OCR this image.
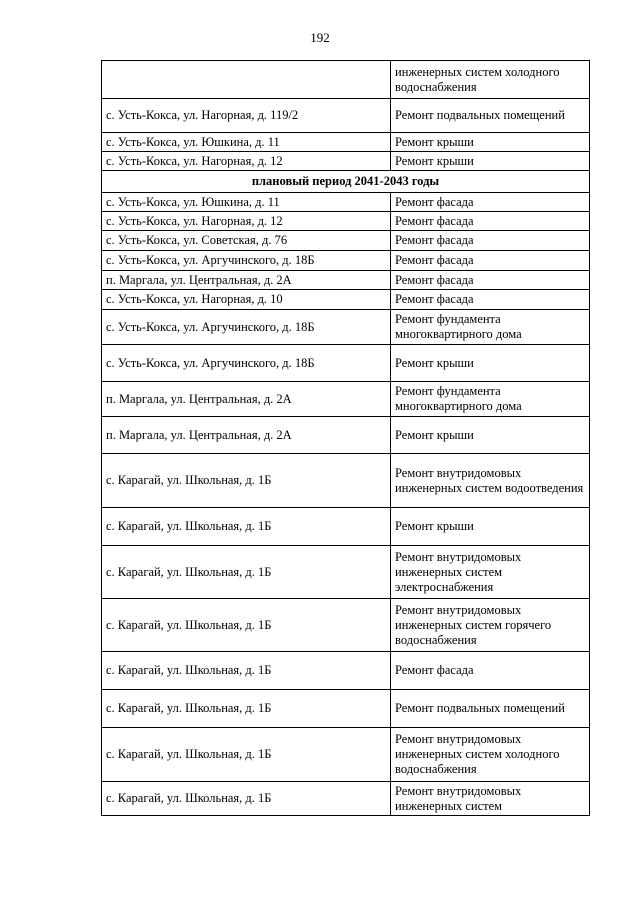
192
	инженерных систем холодного водоснабжения
с. Усть-Кокса, ул. Нагорная, д. 119/2	Ремонт подвальных помещений
с. Усть-Кокса, ул. Юшкина, д. 11	Ремонт крыши
с. Усть-Кокса, ул. Нагорная, д. 12	Ремонт крыши
плановый период 2041-2043 годы	
с. Усть-Кокса, ул. Юшкина, д. 11	Ремонт фасада
с. Усть-Кокса, ул. Нагорная, д. 12	Ремонт фасада
с. Усть-Кокса, ул. Советская, д. 76	Ремонт фасада
с. Усть-Кокса, ул. Аргучинского, д. 18Б	Ремонт фасада
п. Маргала, ул. Центральная, д. 2А	Ремонт фасада
с. Усть-Кокса, ул. Нагорная, д. 10	Ремонт фасада
с. Усть-Кокса, ул. Аргучинского, д. 18Б	Ремонт фундамента многоквартирного дома
с. Усть-Кокса, ул. Аргучинского, д. 18Б	Ремонт крыши
п. Маргала, ул. Центральная, д. 2А	Ремонт фундамента многоквартирного дома
п. Маргала, ул. Центральная, д. 2А	Ремонт крыши
с. Карагай, ул. Школьная, д. 1Б	Ремонт внутридомовых инженерных систем водоотведения
с. Карагай, ул. Школьная, д. 1Б	Ремонт крыши
с. Карагай, ул. Школьная, д. 1Б	Ремонт внутридомовых инженерных систем электроснабжения
с. Карагай, ул. Школьная, д. 1Б	Ремонт внутридомовых инженерных систем горячего водоснабжения
с. Карагай, ул. Школьная, д. 1Б	Ремонт фасада
с. Карагай, ул. Школьная, д. 1Б	Ремонт подвальных помещений
с. Карагай, ул. Школьная, д. 1Б	Ремонт внутридомовых инженерных систем холодного водоснабжения
с. Карагай, ул. Школьная, д. 1Б	Ремонт внутридомовых инженерных систем
